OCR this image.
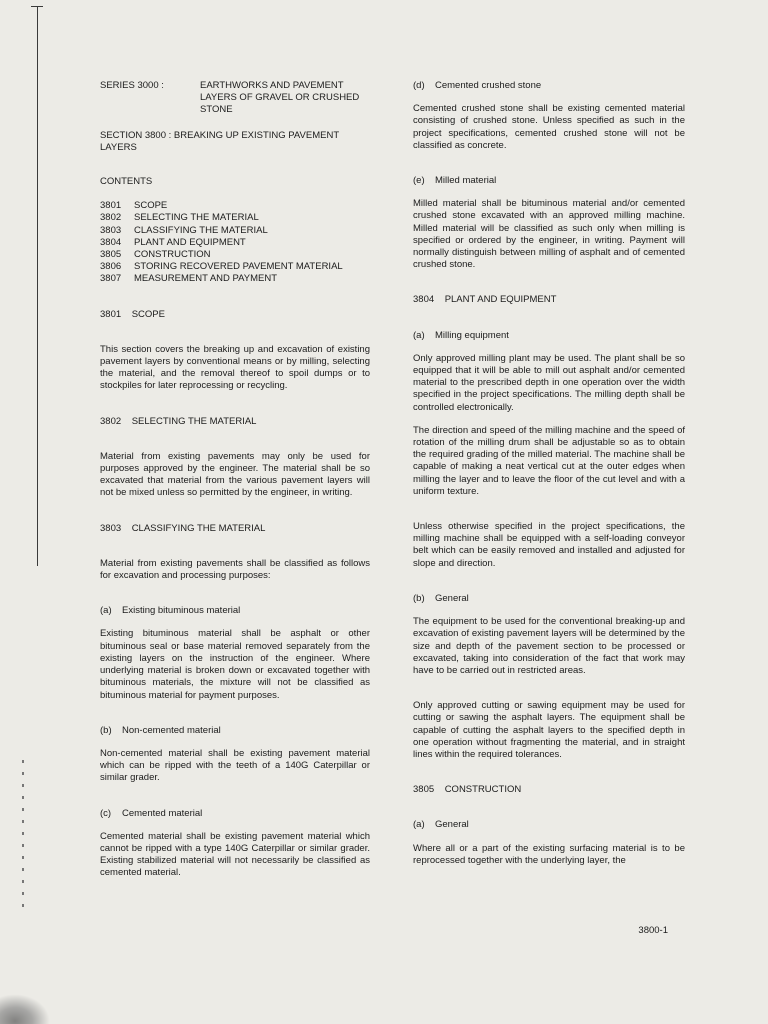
SERIES 3000 :	EARTHWORKS AND PAVEMENT LAYERS OF GRAVEL OR CRUSHED STONE
SECTION 3800 : BREAKING UP EXISTING PAVEMENT LAYERS
CONTENTS
3801	SCOPE
3802	SELECTING THE MATERIAL
3803	CLASSIFYING THE MATERIAL
3804	PLANT AND EQUIPMENT
3805	CONSTRUCTION
3806	STORING RECOVERED PAVEMENT MATERIAL
3807	MEASUREMENT AND PAYMENT
3801    SCOPE

This section covers the breaking up and excavation of existing pavement layers by conventional means or by milling, selecting the material, and the removal thereof to spoil dumps or to stockpiles for later reprocessing or recycling.

3802    SELECTING THE MATERIAL

Material from existing pavements may only be used for purposes approved by the engineer. The material shall be so excavated that material from the various pavement layers will not be mixed unless so permitted by the engineer, in writing.

3803    CLASSIFYING THE MATERIAL

Material from existing pavements shall be classified as follows for excavation and processing purposes:

(a)	Existing bituminous material

Existing bituminous material shall be asphalt or other bituminous seal or base material removed separately from the existing layers on the instruction of the engineer. Where underlying material is broken down or excavated together with bituminous materials, the mixture will not be classified as bituminous material for payment purposes.

(b)	Non-cemented material

Non-cemented material shall be existing pavement material which can be ripped with the teeth of a 140G Caterpillar or similar grader.

(c)	Cemented material

Cemented material shall be existing pavement material which cannot be ripped with a type 140G Caterpillar or similar grader. Existing stabilized material will not necessarily be classified as cemented material.

(d)	Cemented crushed stone

Cemented crushed stone shall be existing cemented material consisting of crushed stone. Unless specified as such in the project specifications, cemented crushed stone will not be classified as concrete.

(e)	Milled material

Milled material shall be bituminous material and/or cemented crushed stone excavated with an approved milling machine. Milled material will be classified as such only when milling is specified or ordered by the engineer, in writing. Payment will normally distinguish between milling of asphalt and of cemented crushed stone.

3804    PLANT AND EQUIPMENT
(a)	Milling equipment

Only approved milling plant may be used. The plant shall be so equipped that it will be able to mill out asphalt and/or cemented material to the prescribed depth in one operation over the width specified in the project specifications. The milling depth shall be controlled electronically.

The direction and speed of the milling machine and the speed of rotation of the milling drum shall be adjustable so as to obtain the required grading of the milled material. The machine shall be capable of making a neat vertical cut at the outer edges when milling the layer and to leave the floor of the cut level and with a uniform texture.

Unless otherwise specified in the project specifications, the milling machine shall be equipped with a self-loading conveyor belt which can be easily removed and installed and adjusted for slope and direction.

(b)	General

The equipment to be used for the conventional breaking-up and excavation of existing pavement layers will be determined by the size and depth of the pavement section to be processed or excavated, taking into consideration of the fact that work may have to be carried out in restricted areas.

Only approved cutting or sawing equipment may be used for cutting or sawing the asphalt layers. The equipment shall be capable of cutting the asphalt layers to the specified depth in one operation without fragmenting the material, and in straight lines within the required tolerances.

3805    CONSTRUCTION
(a)	General

Where all or a part of the existing surfacing material is to be reprocessed together with the underlying layer, the

3800-1
